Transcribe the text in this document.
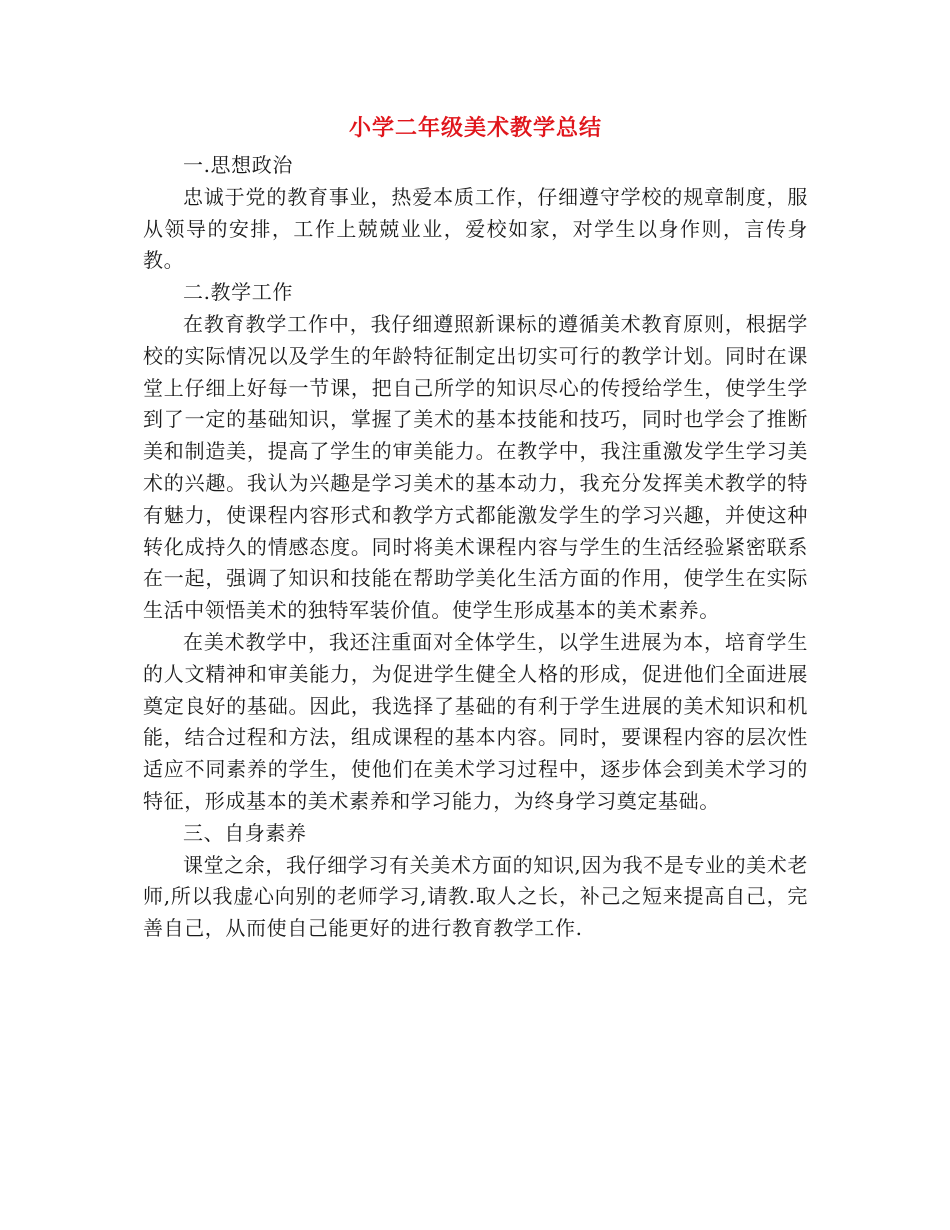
小学二年级美术教学总结

一.思想政治

忠诚于党的教育事业，热爱本质工作，仔细遵守学校的规章制度，服从领导的安排，工作上兢兢业业，爱校如家，对学生以身作则，言传身教。

二.教学工作

在教育教学工作中，我仔细遵照新课标的遵循美术教育原则，根据学校的实际情况以及学生的年龄特征制定出切实可行的教学计划。同时在课堂上仔细上好每一节课，把自己所学的知识尽心的传授给学生，使学生学到了一定的基础知识，掌握了美术的基本技能和技巧，同时也学会了推断美和制造美，提高了学生的审美能力。在教学中，我注重激发学生学习美术的兴趣。我认为兴趣是学习美术的基本动力，我充分发挥美术教学的特有魅力，使课程内容形式和教学方式都能激发学生的学习兴趣，并使这种转化成持久的情感态度。同时将美术课程内容与学生的生活经验紧密联系在一起，强调了知识和技能在帮助学美化生活方面的作用，使学生在实际生活中领悟美术的独特军装价值。使学生形成基本的美术素养。

在美术教学中，我还注重面对全体学生，以学生进展为本，培育学生的人文精神和审美能力，为促进学生健全人格的形成，促进他们全面进展奠定良好的基础。因此，我选择了基础的有利于学生进展的美术知识和机能，结合过程和方法，组成课程的基本内容。同时，要课程内容的层次性适应不同素养的学生，使他们在美术学习过程中，逐步体会到美术学习的特征，形成基本的美术素养和学习能力，为终身学习奠定基础。

三、自身素养

课堂之余，我仔细学习有关美术方面的知识,因为我不是专业的美术老师,所以我虚心向别的老师学习,请教.取人之长，补己之短来提高自己，完善自己，从而使自己能更好的进行教育教学工作.
